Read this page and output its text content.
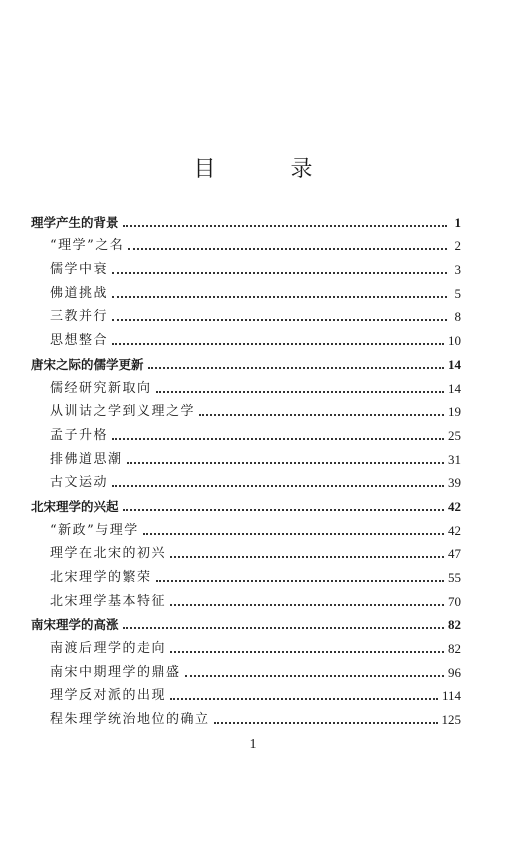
目 录
理学产生的背景	1
“理学”之名	2
儒学中衰	3
佛道挑战	5
三教并行	8
思想整合	10
唐宋之际的儒学更新	14
儒经研究新取向	14
从训诂之学到义理之学	19
孟子升格	25
排佛道思潮	31
古文运动	39
北宋理学的兴起	42
“新政”与理学	42
理学在北宋的初兴	47
北宋理学的繁荣	55
北宋理学基本特征	70
南宋理学的高涨	82
南渡后理学的走向	82
南宋中期理学的鼎盛	96
理学反对派的出现	114
程朱理学统治地位的确立	125
1
